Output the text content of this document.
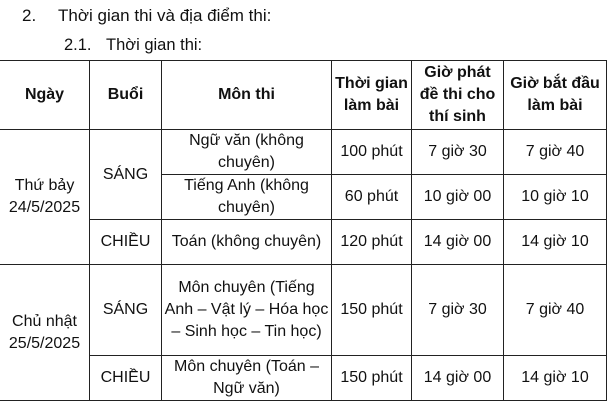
2. Thời gian thi và địa điểm thi:
2.1. Thời gian thi:
Ngày	Buổi	Môn thi	Thời gian làm bài	Giờ phát đề thi cho thí sinh	Giờ bắt đầu làm bài
Thứ bảy 24/5/2025	SÁNG	Ngữ văn (không chuyên)	100 phút	7 giờ 30	7 giờ 40
		Tiếng Anh (không chuyên)	60 phút	10 giờ 00	10 giờ 10
	CHIỀU	Toán (không chuyên)	120 phút	14 giờ 00	14 giờ 10
Chủ nhật 25/5/2025	SÁNG	Môn chuyên (Tiếng Anh – Vật lý – Hóa học – Sinh học – Tin học)	150 phút	7 giờ 30	7 giờ 40
	CHIỀU	Môn chuyên (Toán – Ngữ văn)	150 phút	14 giờ 00	14 giờ 10
